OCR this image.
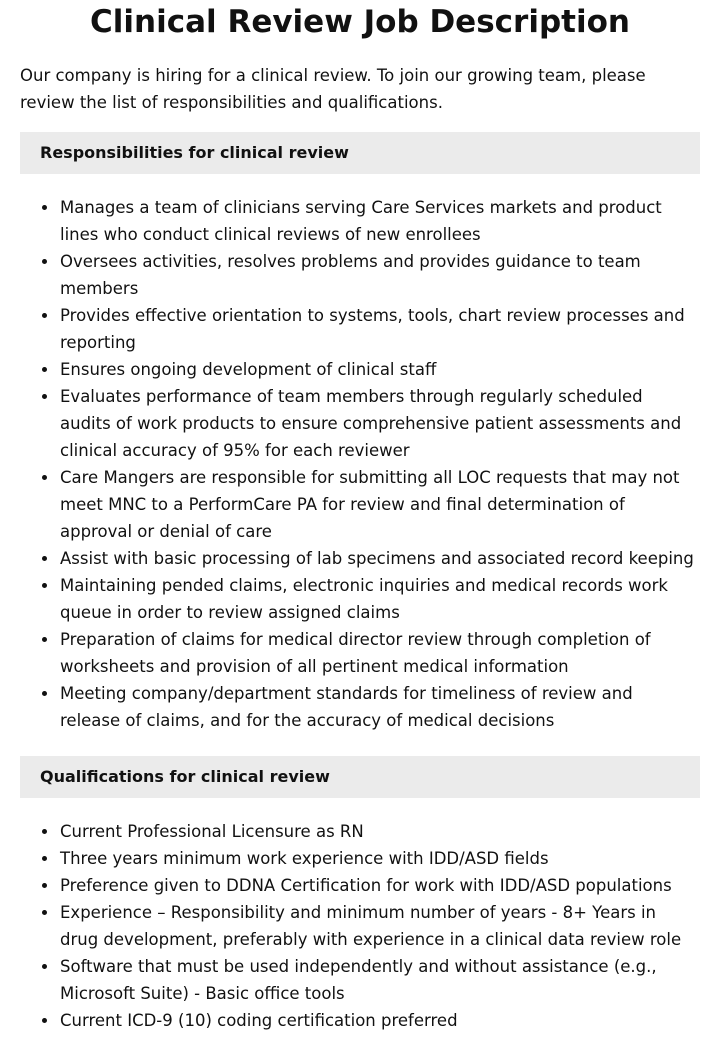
Clinical Review Job Description

Our company is hiring for a clinical review. To join our growing team, please review the list of responsibilities and qualifications.

Responsibilities for clinical review
Manages a team of clinicians serving Care Services markets and product lines who conduct clinical reviews of new enrollees
Oversees activities, resolves problems and provides guidance to team members
Provides effective orientation to systems, tools, chart review processes and reporting
Ensures ongoing development of clinical staff
Evaluates performance of team members through regularly scheduled audits of work products to ensure comprehensive patient assessments and clinical accuracy of 95% for each reviewer
Care Mangers are responsible for submitting all LOC requests that may not meet MNC to a PerformCare PA for review and final determination of approval or denial of care
Assist with basic processing of lab specimens and associated record keeping
Maintaining pended claims, electronic inquiries and medical records work queue in order to review assigned claims
Preparation of claims for medical director review through completion of worksheets and provision of all pertinent medical information
Meeting company/department standards for timeliness of review and release of claims, and for the accuracy of medical decisions
Qualifications for clinical review
Current Professional Licensure as RN
Three years minimum work experience with IDD/ASD fields
Preference given to DDNA Certification for work with IDD/ASD populations
Experience – Responsibility and minimum number of years - 8+ Years in drug development, preferably with experience in a clinical data review role
Software that must be used independently and without assistance (e.g., Microsoft Suite) - Basic office tools
Current ICD-9 (10) coding certification preferred
